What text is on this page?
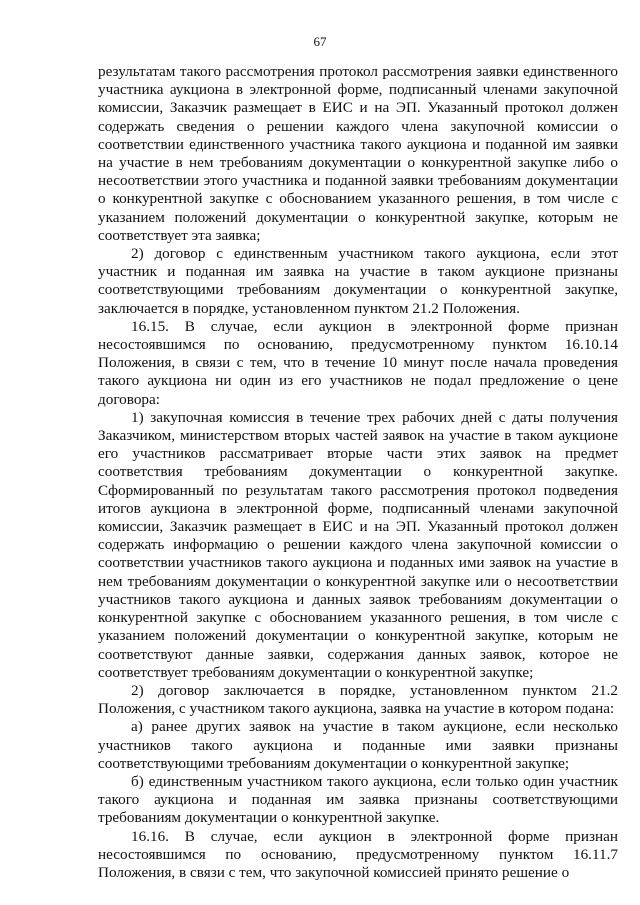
67

результатам такого рассмотрения протокол рассмотрения заявки единственного участника аукциона в электронной форме, подписанный членами закупочной комиссии, Заказчик размещает в ЕИС и на ЭП. Указанный протокол должен содержать сведения о решении каждого члена закупочной комиссии о соответствии единственного участника такого аукциона и поданной им заявки на участие в нем требованиям документации о конкурентной закупке либо о несоответствии этого участника и поданной заявки требованиям документации о конкурентной закупке с обоснованием указанного решения, в том числе с указанием положений документации о конкурентной закупке, которым не соответствует эта заявка;

2) договор с единственным участником такого аукциона, если этот участник и поданная им заявка на участие в таком аукционе признаны соответствующими требованиям документации о конкурентной закупке, заключается в порядке, установленном пунктом 21.2 Положения.

16.15. В случае, если аукцион в электронной форме признан несостоявшимся по основанию, предусмотренному пунктом 16.10.14 Положения, в связи с тем, что в течение 10 минут после начала проведения такого аукциона ни один из его участников не подал предложение о цене договора:

1) закупочная комиссия в течение трех рабочих дней с даты получения Заказчиком, министерством вторых частей заявок на участие в таком аукционе его участников рассматривает вторые части этих заявок на предмет соответствия требованиям документации о конкурентной закупке. Сформированный по результатам такого рассмотрения протокол подведения итогов аукциона в электронной форме, подписанный членами закупочной комиссии, Заказчик размещает в ЕИС и на ЭП. Указанный протокол должен содержать информацию о решении каждого члена закупочной комиссии о соответствии участников такого аукциона и поданных ими заявок на участие в нем требованиям документации о конкурентной закупке или о несоответствии участников такого аукциона и данных заявок требованиям документации о конкурентной закупке с обоснованием указанного решения, в том числе с указанием положений документации о конкурентной закупке, которым не соответствуют данные заявки, содержания данных заявок, которое не соответствует требованиям документации о конкурентной закупке;

2) договор заключается в порядке, установленном пунктом 21.2 Положения, с участником такого аукциона, заявка на участие в котором подана:

а) ранее других заявок на участие в таком аукционе, если несколько участников такого аукциона и поданные ими заявки признаны соответствующими требованиям документации о конкурентной закупке;

б) единственным участником такого аукциона, если только один участник такого аукциона и поданная им заявка признаны соответствующими требованиям документации о конкурентной закупке.

16.16. В случае, если аукцион в электронной форме признан несостоявшимся по основанию, предусмотренному пунктом 16.11.7 Положения, в связи с тем, что закупочной комиссией принято решение о
